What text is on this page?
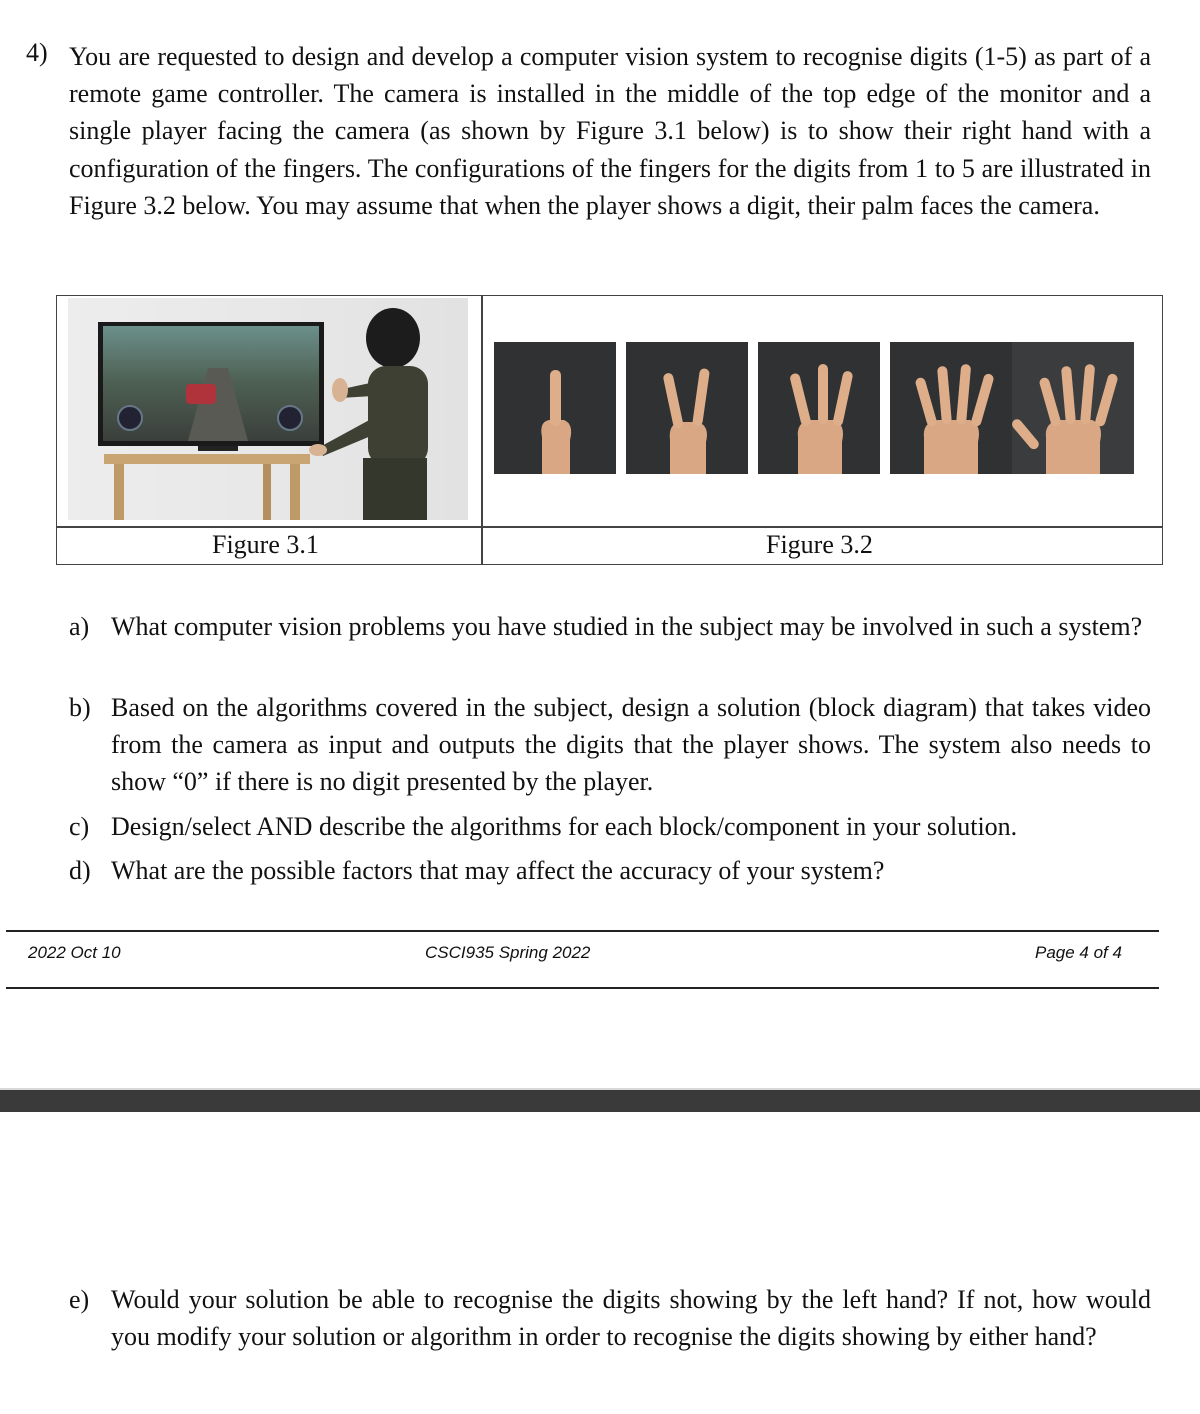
4) You are requested to design and develop a computer vision system to recognise digits (1-5) as part of a remote game controller. The camera is installed in the middle of the top edge of the monitor and a single player facing the camera (as shown by Figure 3.1 below) is to show their right hand with a configuration of the fingers. The configurations of the fingers for the digits from 1 to 5 are illustrated in Figure 3.2 below. You may assume that when the player shows a digit, their palm faces the camera.
Figure 3.1	Figure 3.2
a) What computer vision problems you have studied in the subject may be involved in such a system?
b) Based on the algorithms covered in the subject, design a solution (block diagram) that takes video from the camera as input and outputs the digits that the player shows. The system also needs to show “0” if there is no digit presented by the player.
c) Design/select AND describe the algorithms for each block/component in your solution.
d) What are the possible factors that may affect the accuracy of your system?
2022 Oct 10	CSCI935 Spring 2022	Page 4 of 4
e) Would your solution be able to recognise the digits showing by the left hand? If not, how would you modify your solution or algorithm in order to recognise the digits showing by either hand?
